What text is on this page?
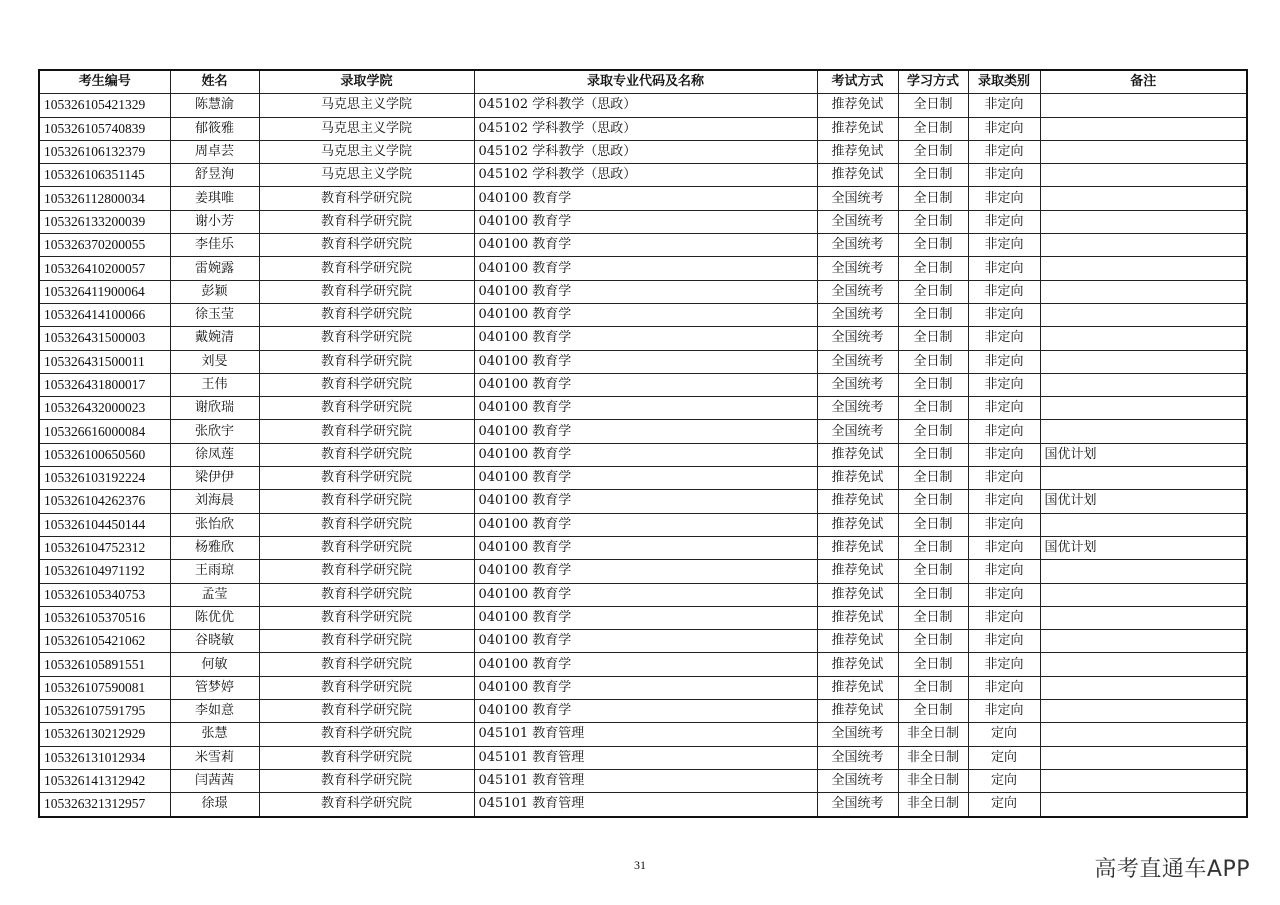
考生编号	姓名	录取学院	录取专业代码及名称	考试方式	学习方式	录取类别	备注
105326105421329	陈慧渝	马克思主义学院	045102 学科教学（思政）	推荐免试	全日制	非定向	
105326105740839	郁筱雅	马克思主义学院	045102 学科教学（思政）	推荐免试	全日制	非定向	
105326106132379	周卓芸	马克思主义学院	045102 学科教学（思政）	推荐免试	全日制	非定向	
105326106351145	舒昱洵	马克思主义学院	045102 学科教学（思政）	推荐免试	全日制	非定向	
105326112800034	姜琪唯	教育科学研究院	040100 教育学	全国统考	全日制	非定向	
105326133200039	谢小芳	教育科学研究院	040100 教育学	全国统考	全日制	非定向	
105326370200055	李佳乐	教育科学研究院	040100 教育学	全国统考	全日制	非定向	
105326410200057	雷婉露	教育科学研究院	040100 教育学	全国统考	全日制	非定向	
105326411900064	彭颖	教育科学研究院	040100 教育学	全国统考	全日制	非定向	
105326414100066	徐玉莹	教育科学研究院	040100 教育学	全国统考	全日制	非定向	
105326431500003	戴婉清	教育科学研究院	040100 教育学	全国统考	全日制	非定向	
105326431500011	刘旻	教育科学研究院	040100 教育学	全国统考	全日制	非定向	
105326431800017	王伟	教育科学研究院	040100 教育学	全国统考	全日制	非定向	
105326432000023	谢欣瑞	教育科学研究院	040100 教育学	全国统考	全日制	非定向	
105326616000084	张欣宇	教育科学研究院	040100 教育学	全国统考	全日制	非定向	
105326100650560	徐凤莲	教育科学研究院	040100 教育学	推荐免试	全日制	非定向	国优计划
105326103192224	梁伊伊	教育科学研究院	040100 教育学	推荐免试	全日制	非定向	
105326104262376	刘海晨	教育科学研究院	040100 教育学	推荐免试	全日制	非定向	国优计划
105326104450144	张怡欣	教育科学研究院	040100 教育学	推荐免试	全日制	非定向	
105326104752312	杨雅欣	教育科学研究院	040100 教育学	推荐免试	全日制	非定向	国优计划
105326104971192	王雨琼	教育科学研究院	040100 教育学	推荐免试	全日制	非定向	
105326105340753	孟莹	教育科学研究院	040100 教育学	推荐免试	全日制	非定向	
105326105370516	陈优优	教育科学研究院	040100 教育学	推荐免试	全日制	非定向	
105326105421062	谷晓敏	教育科学研究院	040100 教育学	推荐免试	全日制	非定向	
105326105891551	何敏	教育科学研究院	040100 教育学	推荐免试	全日制	非定向	
105326107590081	管梦婷	教育科学研究院	040100 教育学	推荐免试	全日制	非定向	
105326107591795	李如意	教育科学研究院	040100 教育学	推荐免试	全日制	非定向	
105326130212929	张慧	教育科学研究院	045101 教育管理	全国统考	非全日制	定向	
105326131012934	米雪莉	教育科学研究院	045101 教育管理	全国统考	非全日制	定向	
105326141312942	闫茜茜	教育科学研究院	045101 教育管理	全国统考	非全日制	定向	
105326321312957	徐璟	教育科学研究院	045101 教育管理	全国统考	非全日制	定向	
31	高考直通车APP
